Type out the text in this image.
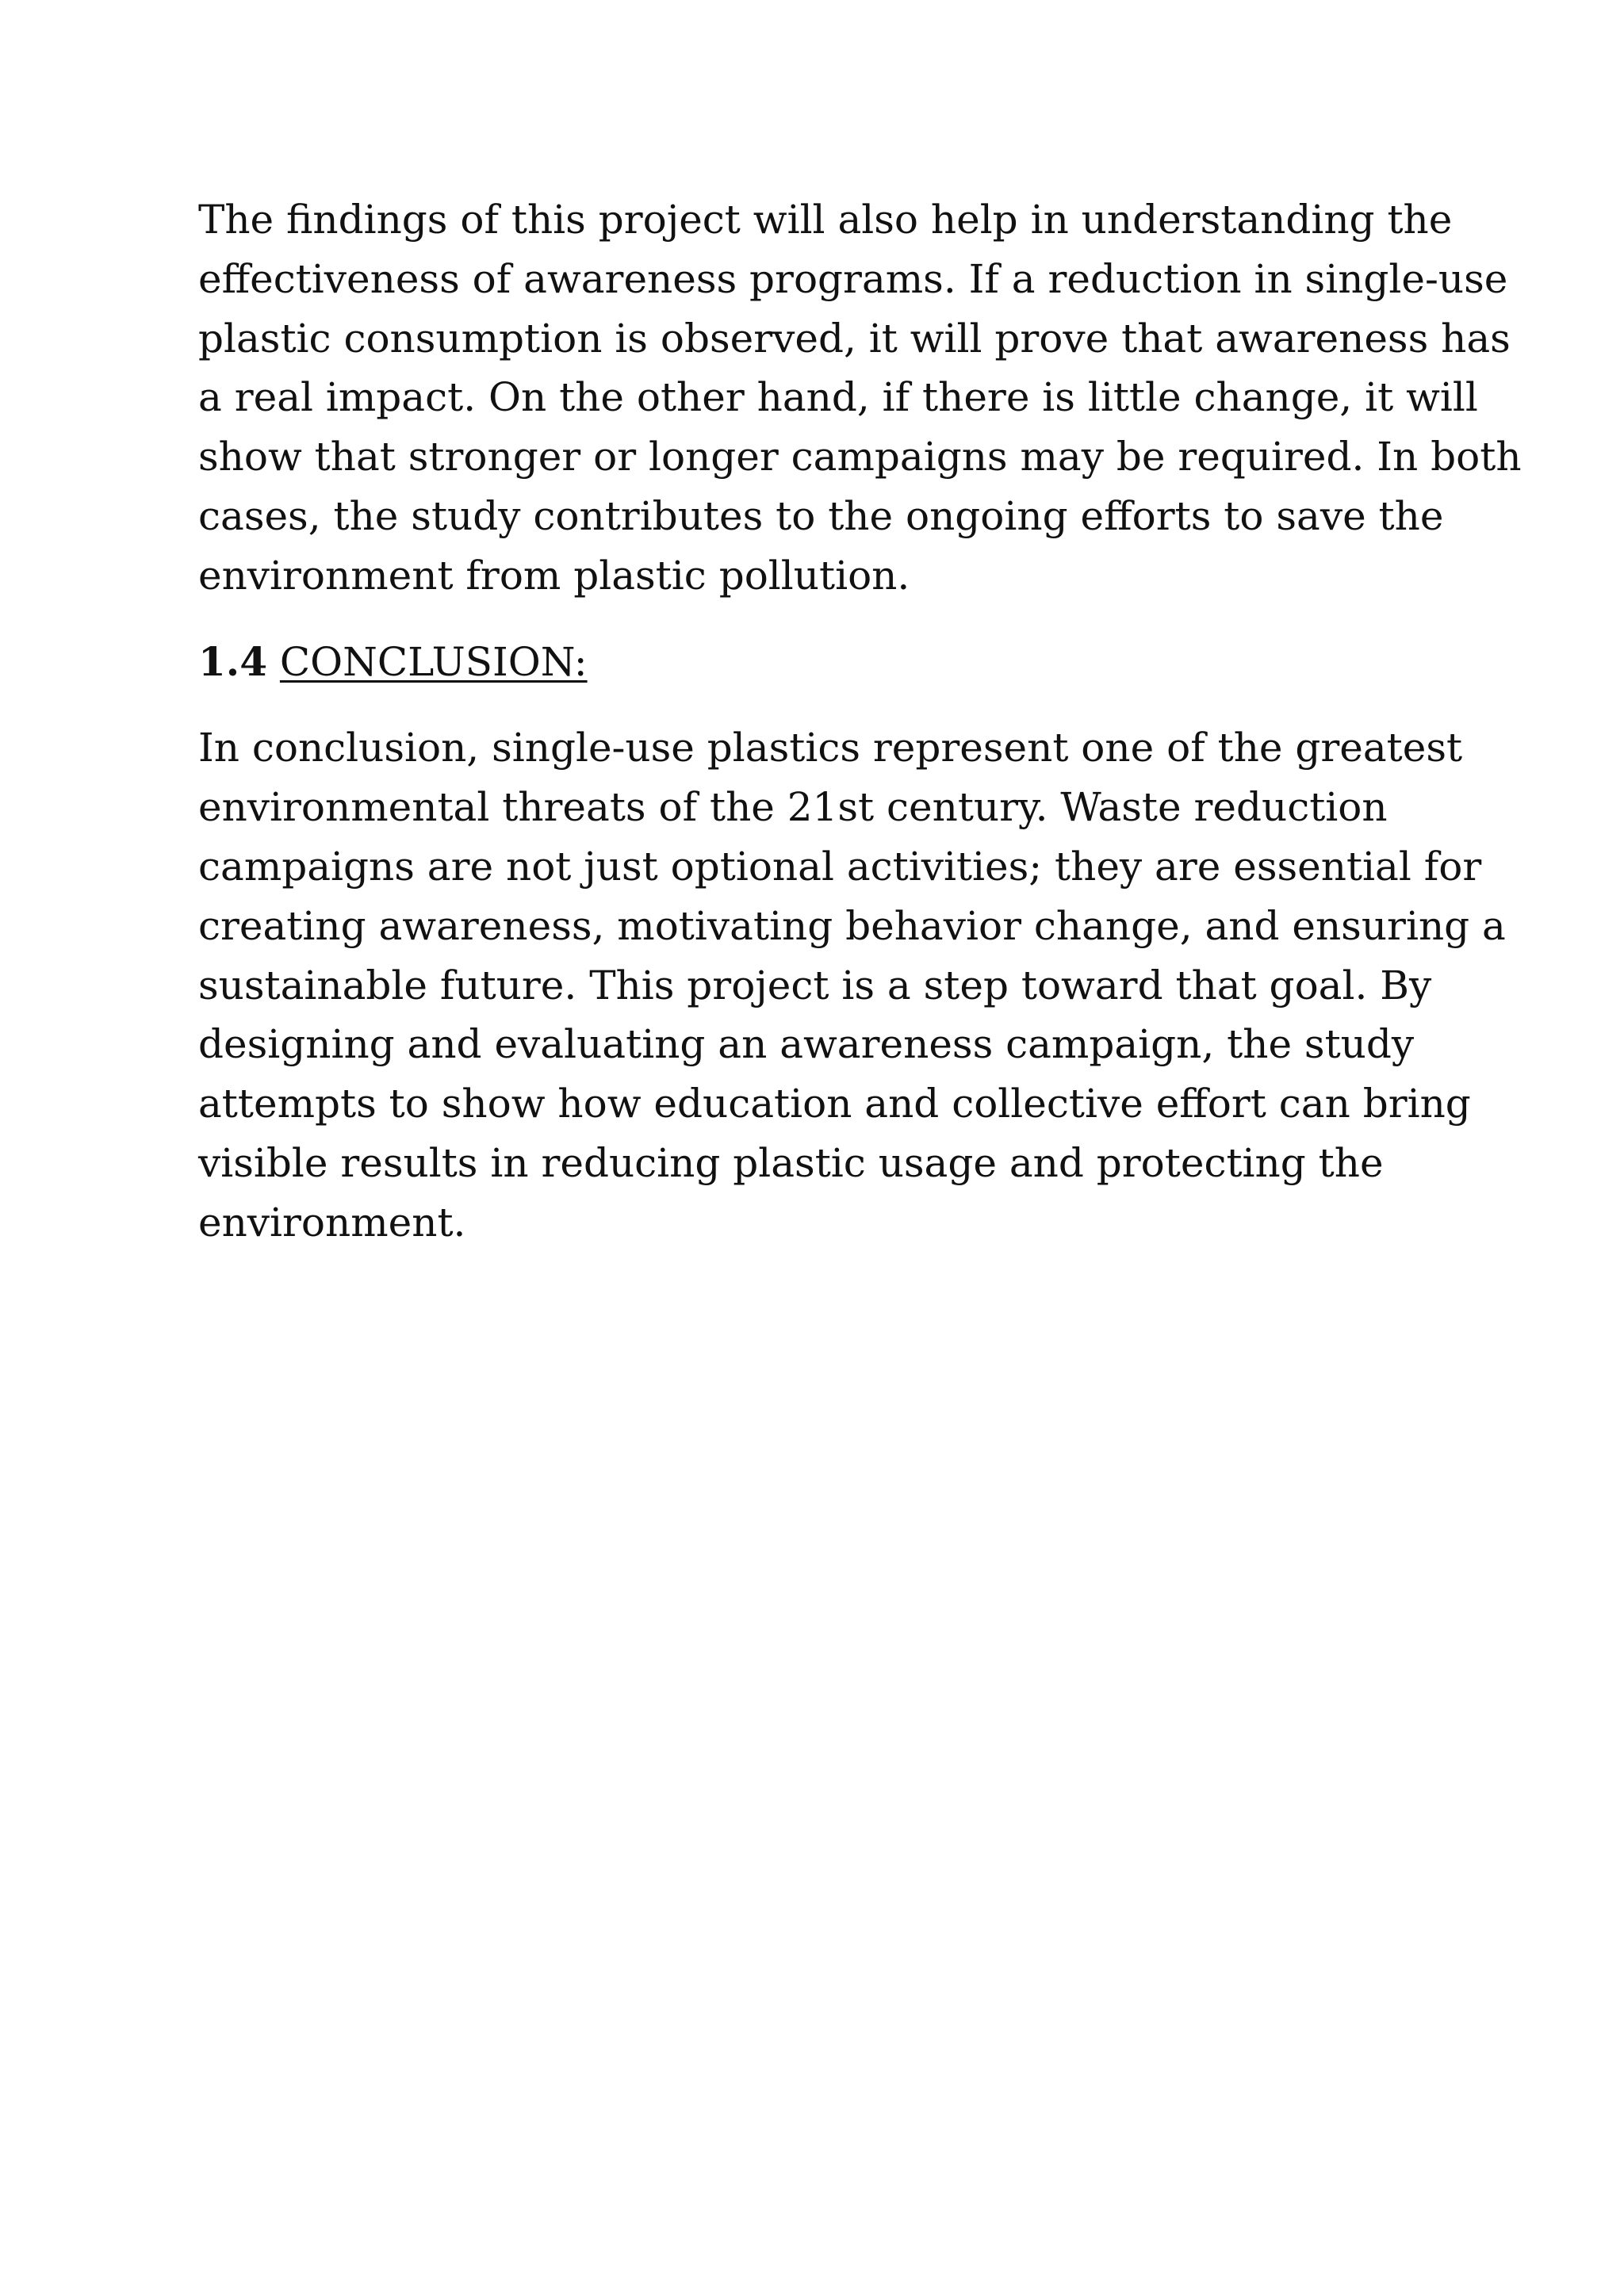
The findings of this project will also help in understanding the
effectiveness of awareness programs. If a reduction in single-use
plastic consumption is observed, it will prove that awareness has
a real impact. On the other hand, if there is little change, it will
show that stronger or longer campaigns may be required. In both
cases, the study contributes to the ongoing efforts to save the
environment from plastic pollution.

1.4 CONCLUSION:

In conclusion, single-use plastics represent one of the greatest
environmental threats of the 21st century. Waste reduction
campaigns are not just optional activities; they are essential for
creating awareness, motivating behavior change, and ensuring a
sustainable future. This project is a step toward that goal. By
designing and evaluating an awareness campaign, the study
attempts to show how education and collective effort can bring
visible results in reducing plastic usage and protecting the
environment.
